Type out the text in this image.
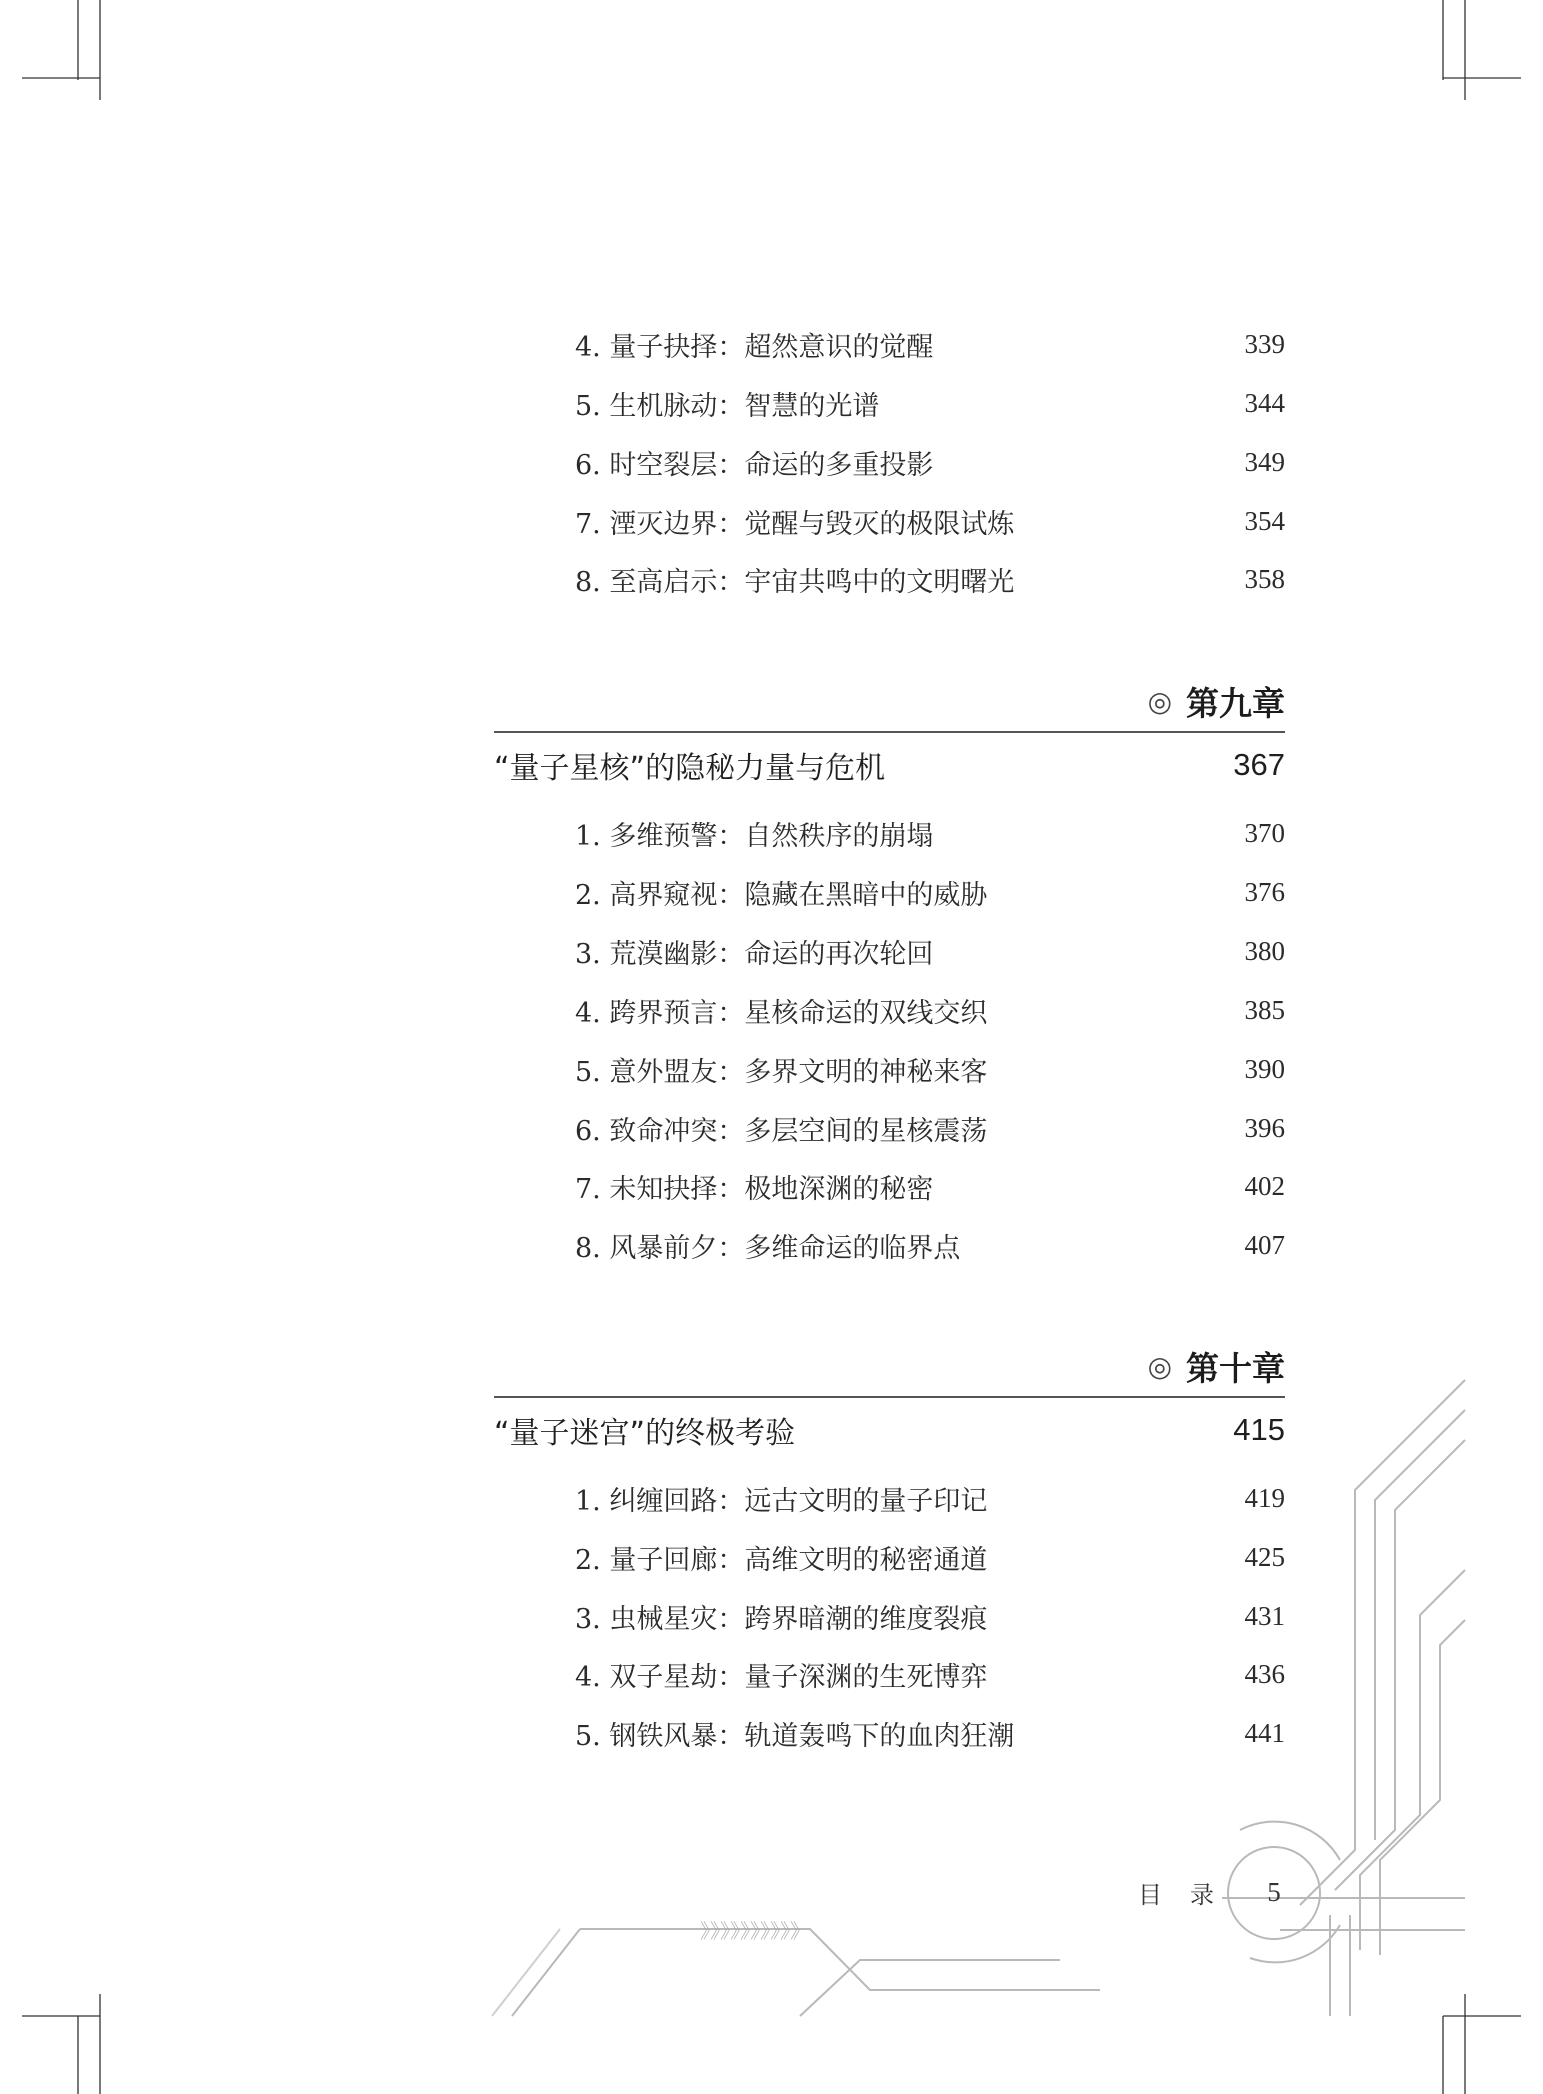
》》》》》》》》》》
4. 量子抉择：超然意识的觉醒	339
5. 生机脉动：智慧的光谱	344
6. 时空裂层：命运的多重投影	349
7. 湮灭边界：觉醒与毁灭的极限试炼	354
8. 至高启示：宇宙共鸣中的文明曙光	358
◎ 第九章
“量子星核”的隐秘力量与危机	367
1. 多维预警：自然秩序的崩塌	370
2. 高界窥视：隐藏在黑暗中的威胁	376
3. 荒漠幽影：命运的再次轮回	380
4. 跨界预言：星核命运的双线交织	385
5. 意外盟友：多界文明的神秘来客	390
6. 致命冲突：多层空间的星核震荡	396
7. 未知抉择：极地深渊的秘密	402
8. 风暴前夕：多维命运的临界点	407
◎ 第十章
“量子迷宫”的终极考验	415
1. 纠缠回路：远古文明的量子印记	419
2. 量子回廊：高维文明的秘密通道	425
3. 虫械星灾：跨界暗潮的维度裂痕	431
4. 双子星劫：量子深渊的生死博弈	436
5. 钢铁风暴：轨道轰鸣下的血肉狂潮	441
目 录	5
